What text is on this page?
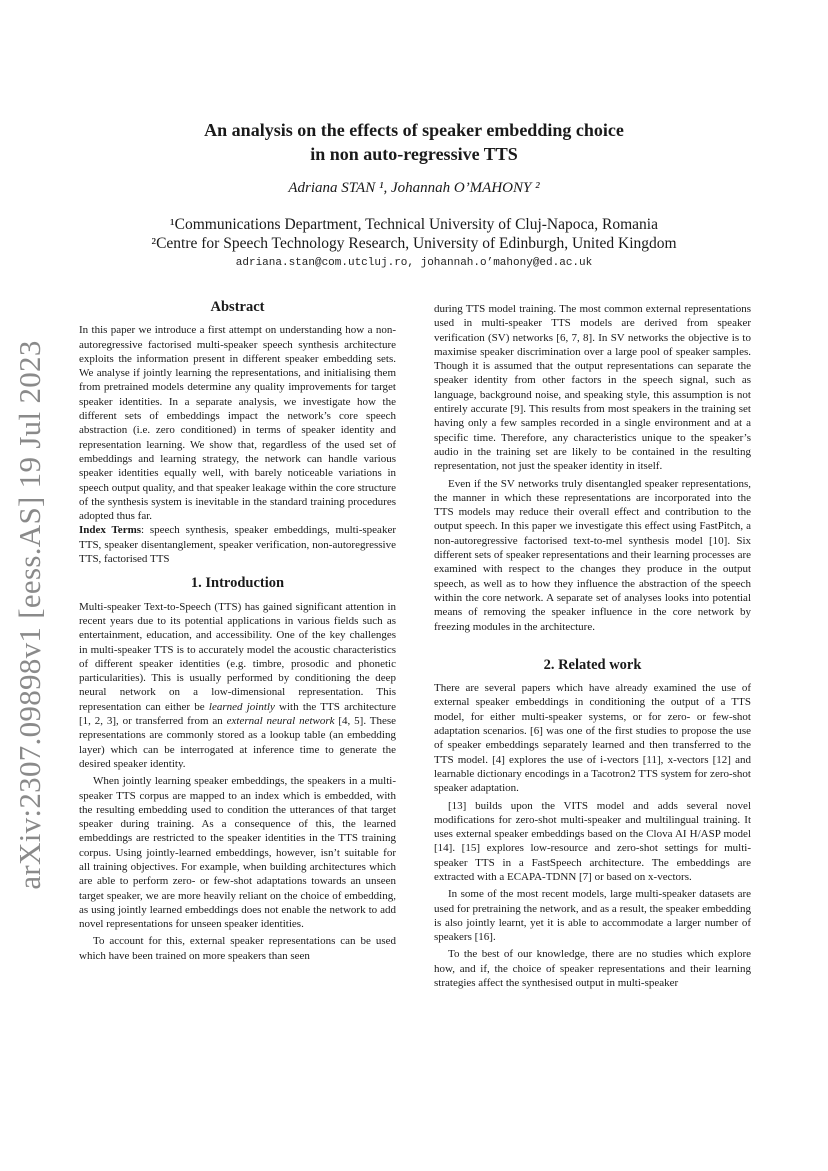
arXiv:2307.09898v1 [eess.AS] 19 Jul 2023
An analysis on the effects of speaker embedding choice
in non auto-regressive TTS
Adriana STAN ¹, Johannah O’MAHONY ²
¹Communications Department, Technical University of Cluj-Napoca, Romania
²Centre for Speech Technology Research, University of Edinburgh, United Kingdom
adriana.stan@com.utcluj.ro, johannah.o’mahony@ed.ac.uk
Abstract

In this paper we introduce a first attempt on understanding how a non-autoregressive factorised multi-speaker speech synthesis architecture exploits the information present in different speaker embedding sets. We analyse if jointly learning the representations, and initialising them from pretrained models determine any quality improvements for target speaker identities. In a separate analysis, we investigate how the different sets of embeddings impact the network’s core speech abstraction (i.e. zero conditioned) in terms of speaker identity and representation learning. We show that, regardless of the used set of embeddings and learning strategy, the network can handle various speaker identities equally well, with barely noticeable variations in speech output quality, and that speaker leakage within the core structure of the synthesis system is inevitable in the standard training procedures adopted thus far.

Index Terms: speech synthesis, speaker embeddings, multi-speaker TTS, speaker disentanglement, speaker verification, non-autoregressive TTS, factorised TTS

1. Introduction

Multi-speaker Text-to-Speech (TTS) has gained significant attention in recent years due to its potential applications in various fields such as entertainment, education, and accessibility. One of the key challenges in multi-speaker TTS is to accurately model the acoustic characteristics of different speaker identities (e.g. timbre, prosodic and phonetic particularities). This is usually performed by conditioning the deep neural network on a low-dimensional representation. This representation can either be learned jointly with the TTS architecture [1, 2, 3], or transferred from an external neural network [4, 5]. These representations are commonly stored as a lookup table (an embedding layer) which can be interrogated at inference time to generate the desired speaker identity.

When jointly learning speaker embeddings, the speakers in a multi-speaker TTS corpus are mapped to an index which is embedded, with the resulting embedding used to condition the utterances of that target speaker during training. As a consequence of this, the learned embeddings are restricted to the speaker identities in the TTS training corpus. Using jointly-learned embeddings, however, isn’t suitable for all training objectives. For example, when building architectures which are able to perform zero- or few-shot adaptations towards an unseen target speaker, we are more heavily reliant on the choice of embedding, as using jointly learned embeddings does not enable the network to add novel representations for unseen speaker identities.

To account for this, external speaker representations can be used which have been trained on more speakers than seen

during TTS model training. The most common external representations used in multi-speaker TTS models are derived from speaker verification (SV) networks [6, 7, 8]. In SV networks the objective is to maximise speaker discrimination over a large pool of speaker samples. Though it is assumed that the output representations can separate the speaker identity from other factors in the speech signal, such as language, background noise, and speaking style, this assumption is not entirely accurate [9]. This results from most speakers in the training set having only a few samples recorded in a single environment and at a specific time. Therefore, any characteristics unique to the speaker’s audio in the training set are likely to be contained in the resulting representation, not just the speaker identity in itself.

Even if the SV networks truly disentangled speaker representations, the manner in which these representations are incorporated into the TTS models may reduce their overall effect and contribution to the output speech. In this paper we investigate this effect using FastPitch, a non-autoregressive factorised text-to-mel synthesis model [10]. Six different sets of speaker representations and their learning processes are examined with respect to the changes they produce in the output speech, as well as to how they influence the abstraction of the speech within the core network. A separate set of analyses looks into potential means of removing the speaker influence in the core network by freezing modules in the architecture.

2. Related work

There are several papers which have already examined the use of external speaker embeddings in conditioning the output of a TTS model, for either multi-speaker systems, or for zero- or few-shot adaptation scenarios. [6] was one of the first studies to propose the use of speaker embeddings separately learned and then transferred to the TTS model. [4] explores the use of i-vectors [11], x-vectors [12] and learnable dictionary encodings in a Tacotron2 TTS system for zero-shot speaker adaptation.

[13] builds upon the VITS model and adds several novel modifications for zero-shot multi-speaker and multilingual training. It uses external speaker embeddings based on the Clova AI H/ASP model [14]. [15] explores low-resource and zero-shot settings for multi-speaker TTS in a FastSpeech architecture. The embeddings are extracted with a ECAPA-TDNN [7] or based on x-vectors.

In some of the most recent models, large multi-speaker datasets are used for pretraining the network, and as a result, the speaker embedding is also jointly learnt, yet it is able to accommodate a larger number of speakers [16].

To the best of our knowledge, there are no studies which explore how, and if, the choice of speaker representations and their learning strategies affect the synthesised output in multi-speaker
